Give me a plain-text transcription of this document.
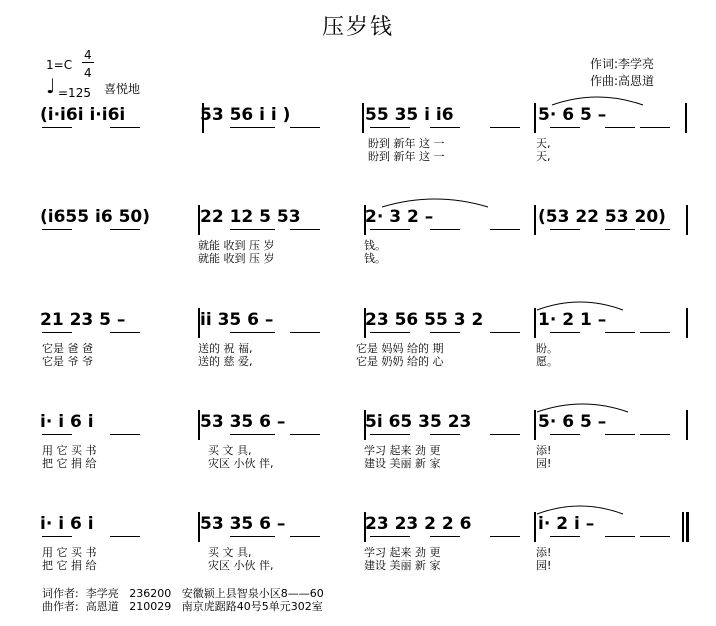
压岁钱
1=C
4
4
♩ =125 喜悦地
作词:李学亮
作曲:高恩道
(i·i6i i·i6i	53 56 i i )	55 35 i i6	5· 6 5 –
盼到 新年 这 一	天,
盼到 新年 这 一	天,
(i655 i6 50)	22 12 5 53	2· 3 2 –	(53 22 53 20)
就能 收到 压 岁	钱。
就能 收到 压 岁	钱。
21 23 5 –	ii 35 6 –	23 56 55 3 2	1· 2 1 –
它是 爸 爸	送的 祝 福,	它是 妈妈 给的 期	盼。
它是 爷 爷	送的 慈 爱,	它是 奶奶 给的 心	愿。
i· i 6 i	53 35 6 –	5i 65 35 23	5· 6 5 –
用 它 买 书	买 文 具,	学习 起来 劲 更	添!
把 它 捐 给	灾区 小伙 伴,	建设 美丽 新 家	园!
i· i 6 i	53 35 6 –	23 23 2 2 6	i· 2 i –
用 它 买 书	买 文 具,	学习 起来 劲 更	添!
把 它 捐 给	灾区 小伙 伴,	建设 美丽 新 家	园!
词作者: 李学亮 236200 安徽颍上县智泉小区8——60
曲作者: 高恩道 210029 南京虎踞路40号5单元302室
